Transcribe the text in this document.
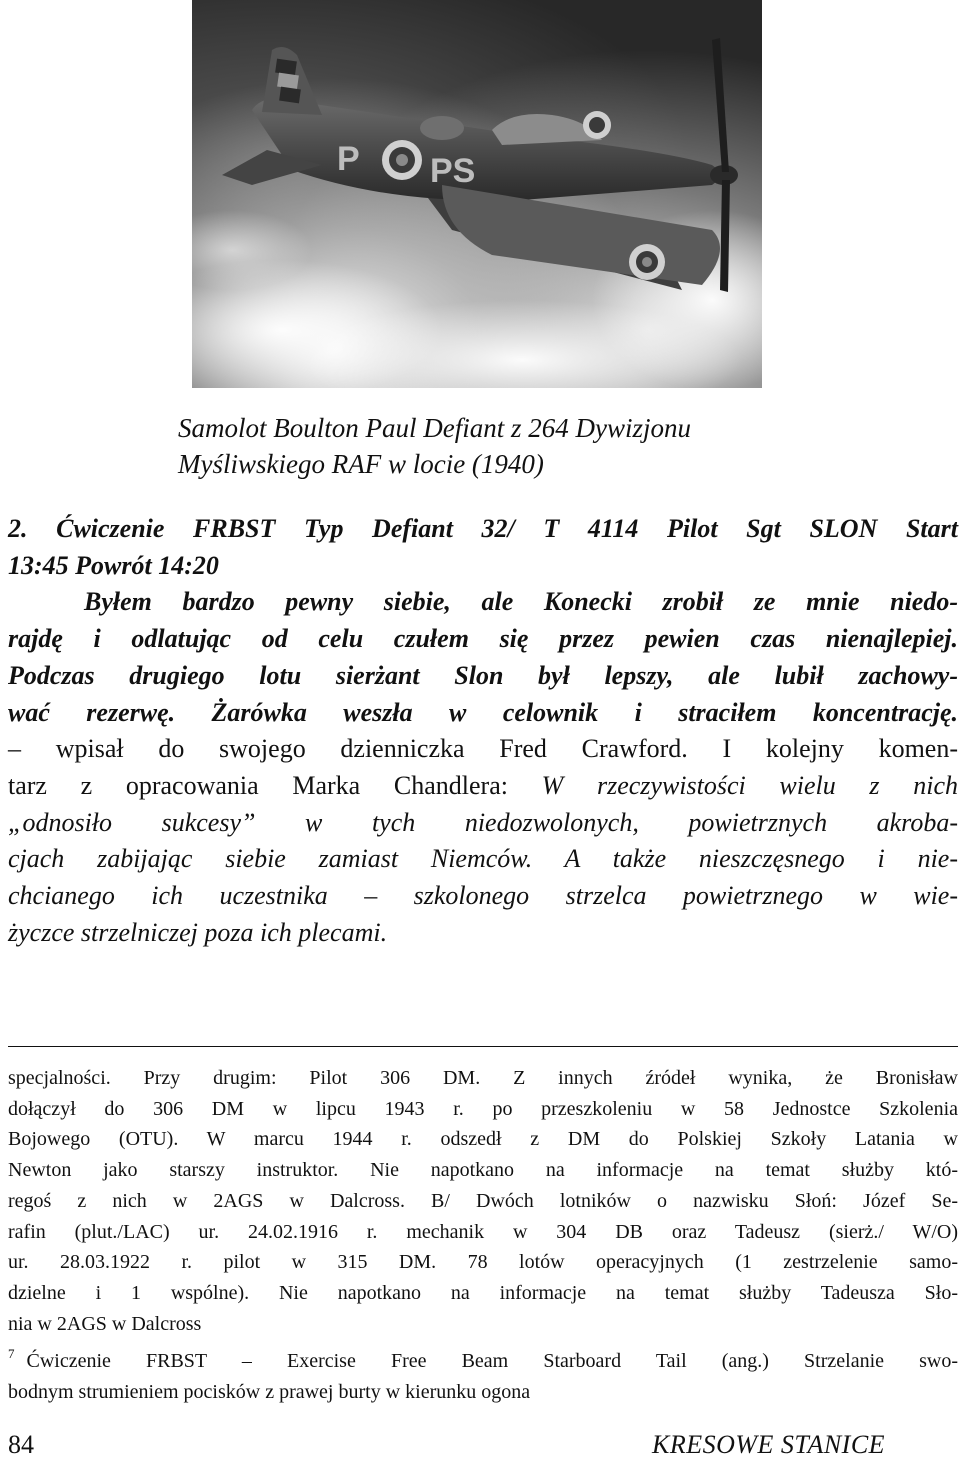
P PS
Samolot Boulton Paul Defiant z 264 Dywizjonu
Myśliwskiego RAF w locie (1940)
2. Ćwiczenie FRBST Typ Defiant 32/ T 4114 Pilot Sgt SLON Start
13:45 Powrót 14:20
Byłem bardzo pewny siebie, ale Konecki zrobił ze mnie niedo-
rajdę i odlatując od celu czułem się przez pewien czas nienajlepiej.
Podczas drugiego lotu sierżant Slon był lepszy, ale lubił zachowy-
wać rezerwę. Żarówka weszła w celownik i straciłem koncentrację.
– wpisał do swojego dzienniczka Fred Crawford. I kolejny komen-
tarz z opracowania Marka Chandlera: W rzeczywistości wielu z nich
„odnosiło sukcesy” w tych niedozwolonych, powietrznych akroba-
cjach zabijając siebie zamiast Niemców. A także nieszczęsnego i nie-
chcianego ich uczestnika – szkolonego strzelca powietrznego w wie-
życzce strzelniczej poza ich plecami.
specjalności. Przy drugim: Pilot 306 DM. Z innych źródeł wynika, że Bronisław
dołączył do 306 DM w lipcu 1943 r. po przeszkoleniu w 58 Jednostce Szkolenia
Bojowego (OTU). W marcu 1944 r. odszedł z DM do Polskiej Szkoły Latania w
Newton jako starszy instruktor. Nie napotkano na informacje na temat służby któ-
regoś z nich w 2AGS w Dalcross. B/ Dwóch lotników o nazwisku Słoń: Józef Se-
rafin (plut./LAC) ur. 24.02.1916 r. mechanik w 304 DB oraz Tadeusz (sierż./ W/O)
ur. 28.03.1922 r. pilot w 315 DM. 78 lotów operacyjnych (1 zestrzelenie samo-
dzielne i 1 wspólne). Nie napotkano na informacje na temat służby Tadeusza Sło-
nia w 2AGS w Dalcross
$^7$ Ćwiczenie FRBST – Exercise Free Beam Starboard Tail (ang.) Strzelanie swo-
bodnym strumieniem pocisków z prawej burty w kierunku ogona
84	KRESOWE STANICE
